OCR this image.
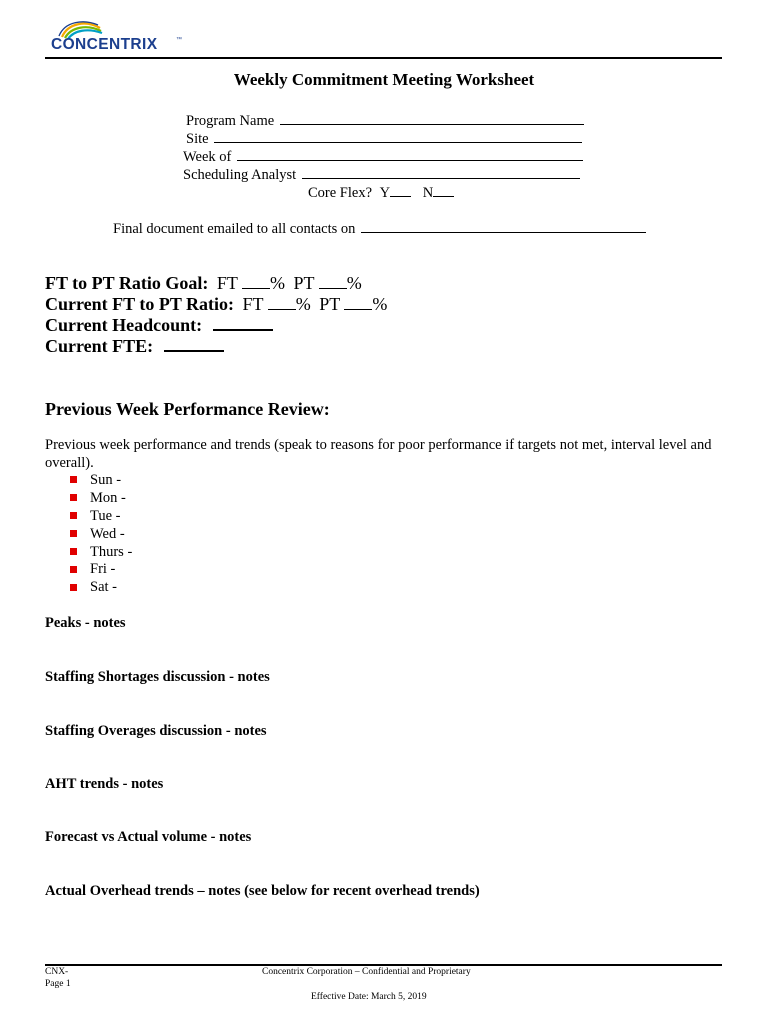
CONCENTRIX	™
Weekly Commitment Meeting Worksheet
Program Name
Site
Week of
Scheduling Analyst
Core Flex? Y N
Final document emailed to all contacts on
FT to PT Ratio Goal: FT % PT %
Current FT to PT Ratio: FT % PT %
Current Headcount:
Current FTE:
Previous Week Performance Review:
Previous week performance and trends (speak to reasons for poor performance if targets not met, interval level and overall).
Sun -
Mon -
Tue -
Wed -
Thurs -
Fri -
Sat -
Peaks - notes
Staffing Shortages discussion - notes
Staffing Overages discussion - notes
AHT trends - notes
Forecast vs Actual volume - notes
Actual Overhead trends – notes (see below for recent overhead trends)
CNX-
Page 1
Concentrix Corporation – Confidential and Proprietary
Effective Date: March 5, 2019
